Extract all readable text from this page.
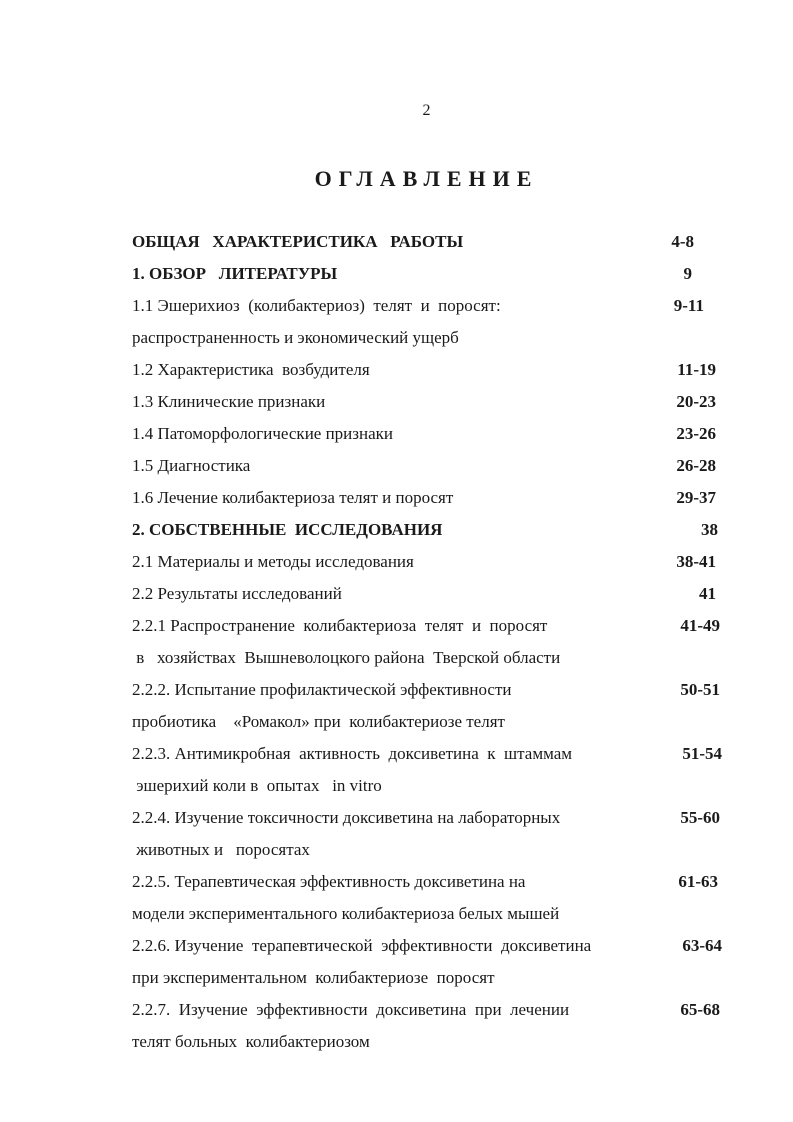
2
ОГЛАВЛЕНИЕ
ОБЩАЯ   ХАРАКТЕРИСТИКА   РАБОТЫ	4-8
1. ОБЗОР   ЛИТЕРАТУРЫ	9
1.1 Эшерихиоз  (колибактериоз)  телят  и  поросят:	9-11
распространенность и экономический ущерб
1.2 Характеристика  возбудителя	11-19
1.3 Клинические признаки	20-23
1.4 Патоморфологические признаки	23-26
1.5 Диагностика	26-28
1.6 Лечение колибактериоза телят и поросят	29-37
2. СОБСТВЕННЫЕ  ИССЛЕДОВАНИЯ	38
2.1 Материалы и методы исследования	38-41
2.2 Результаты исследований	41
2.2.1 Распространение  колибактериоза  телят  и  поросят	41-49
в   хозяйствах  Вышневолоцкого района  Тверской области
2.2.2. Испытание профилактической эффективности	50-51
пробиотика    «Ромакол» при  колибактериозе телят
2.2.3. Антимикробная  активность  доксиветина  к  штаммам	51-54
эшерихий коли в  опытах   in vitro
2.2.4. Изучение токсичности доксиветина на лабораторных	55-60
животных и   поросятах
2.2.5. Терапевтическая эффективность доксиветина на	61-63
модели экспериментального колибактериоза белых мышей
2.2.6. Изучение  терапевтической  эффективности  доксиветина	63-64
при экспериментальном  колибактериозе  поросят
2.2.7.  Изучение  эффективности  доксиветина  при  лечении	65-68
телят больных  колибактериозом
